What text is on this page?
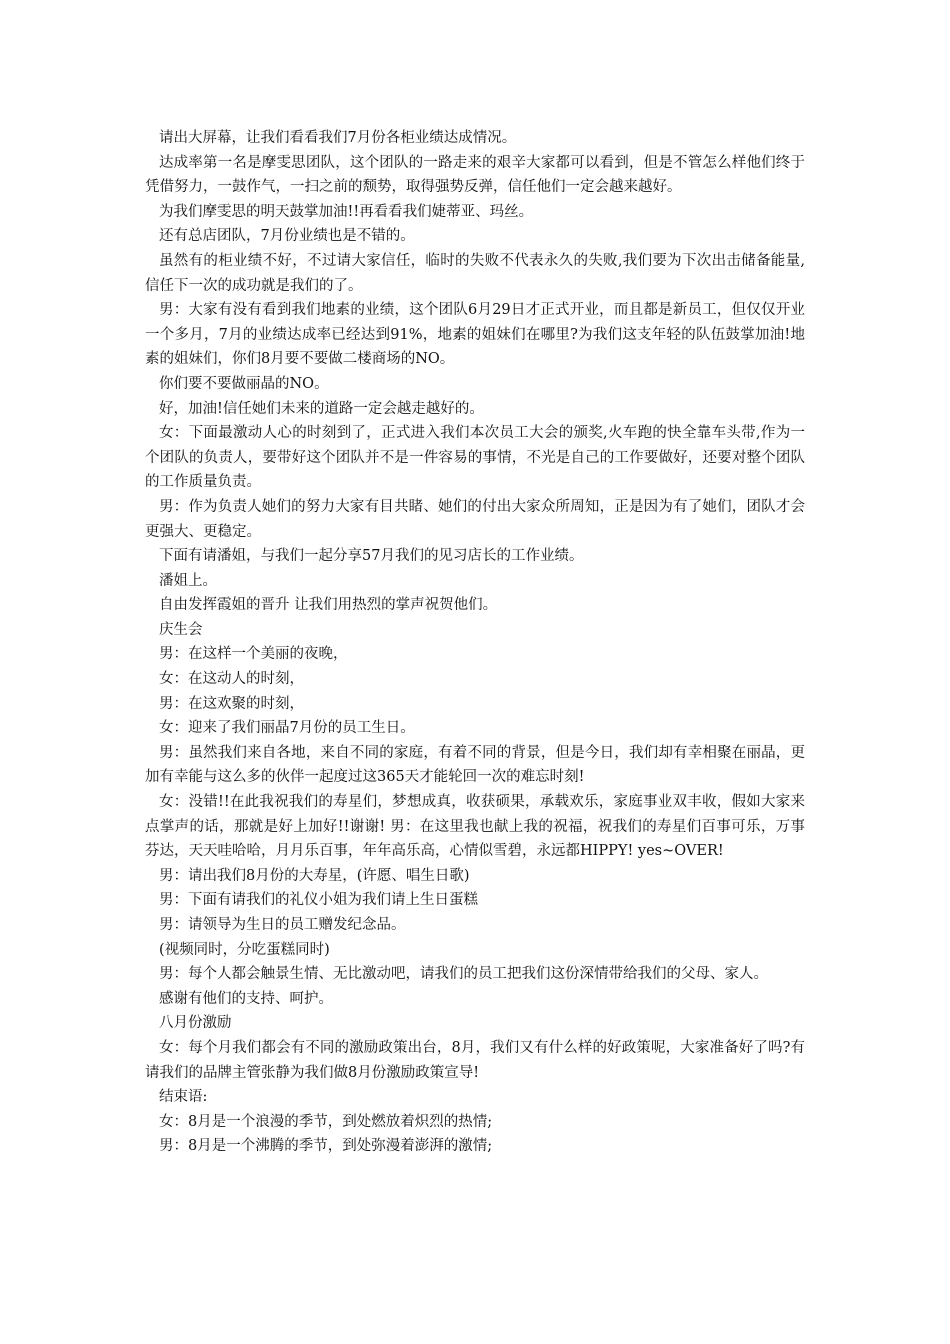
请出大屏幕，让我们看看我们7月份各柜业绩达成情况。

达成率第一名是摩雯思团队，这个团队的一路走来的艰辛大家都可以看到，但是不管怎么样他们终于凭借努力，一鼓作气，一扫之前的颓势，取得强势反弹，信任他们一定会越来越好。

为我们摩雯思的明天鼓掌加油!!再看看我们婕蒂亚、玛丝。

还有总店团队，7月份业绩也是不错的。

虽然有的柜业绩不好，不过请大家信任，临时的失败不代表永久的失败,我们要为下次出击储备能量,信任下一次的成功就是我们的了。

男：大家有没有看到我们地素的业绩，这个团队6月29日才正式开业，而且都是新员工，但仅仅开业一个多月，7月的业绩达成率已经达到91%，地素的姐妹们在哪里?为我们这支年轻的队伍鼓掌加油!地素的姐妹们，你们8月要不要做二楼商场的NO。

你们要不要做丽晶的NO。

好，加油!信任她们未来的道路一定会越走越好的。

女：下面最激动人心的时刻到了，正式进入我们本次员工大会的颁奖,火车跑的快全靠车头带,作为一个团队的负责人，要带好这个团队并不是一件容易的事情，不光是自己的工作要做好，还要对整个团队的工作质量负责。

男：作为负责人她们的努力大家有目共睹、她们的付出大家众所周知，正是因为有了她们，团队才会更强大、更稳定。

下面有请潘姐，与我们一起分享57月我们的见习店长的工作业绩。

潘姐上。

自由发挥霞姐的晋升 让我们用热烈的掌声祝贺他们。

庆生会

男：在这样一个美丽的夜晚，

女：在这动人的时刻，

男：在这欢聚的时刻，

女：迎来了我们丽晶7月份的员工生日。

男：虽然我们来自各地，来自不同的家庭，有着不同的背景，但是今日，我们却有幸相聚在丽晶，更加有幸能与这么多的伙伴一起度过这365天才能轮回一次的难忘时刻!

女：没错!!在此我祝我们的寿星们，梦想成真，收获硕果，承载欢乐，家庭事业双丰收，假如大家来点掌声的话，那就是好上加好!!谢谢! 男：在这里我也献上我的祝福，祝我们的寿星们百事可乐，万事芬达，天天哇哈哈，月月乐百事，年年高乐高，心情似雪碧，永远都HIPPY! yes~OVER!

男：请出我们8月份的大寿星，(许愿、唱生日歌)

男：下面有请我们的礼仪小姐为我们请上生日蛋糕

男：请领导为生日的员工赠发纪念品。

(视频同时，分吃蛋糕同时)

男：每个人都会触景生情、无比激动吧，请我们的员工把我们这份深情带给我们的父母、家人。

感谢有他们的支持、呵护。

八月份激励

女：每个月我们都会有不同的激励政策出台，8月，我们又有什么样的好政策呢，大家准备好了吗?有请我们的品牌主管张静为我们做8月份激励政策宣导!

结束语:

女：8月是一个浪漫的季节，到处燃放着炽烈的热情;

男：8月是一个沸腾的季节，到处弥漫着澎湃的激情;
